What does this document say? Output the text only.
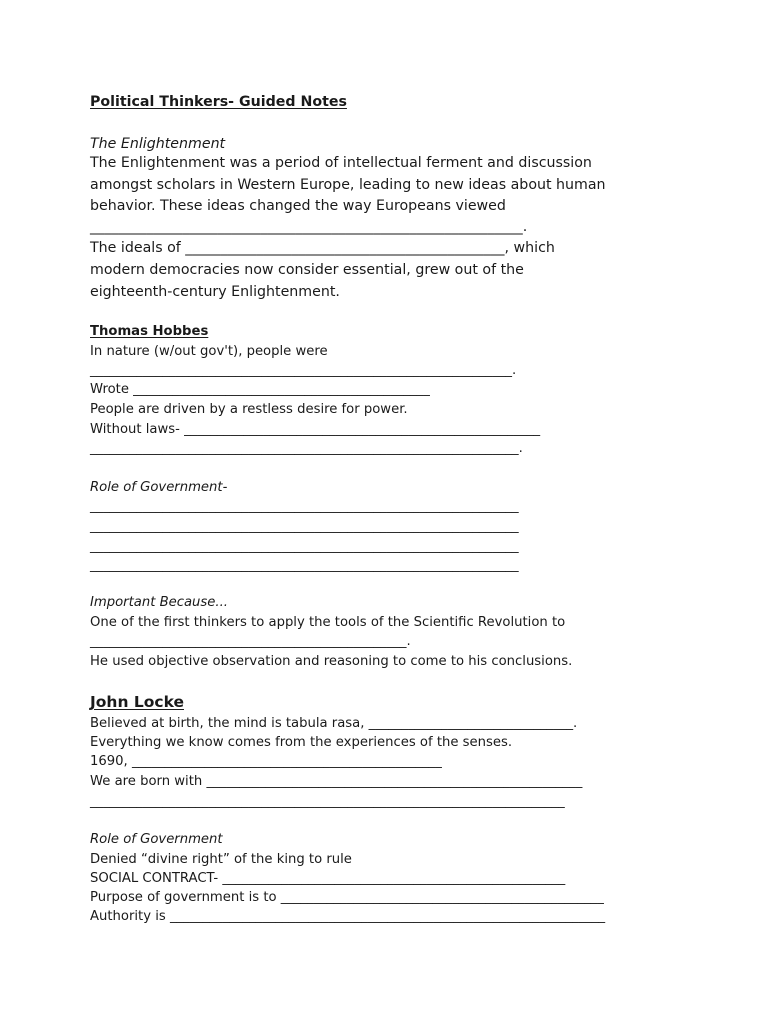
Political Thinkers- Guided Notes
The Enlightenment
The Enlightenment was a period of intellectual ferment and discussion
amongst scholars in Western Europe, leading to new ideas about human
behavior. These ideas changed the way Europeans viewed
_____________________________________________________________.
The ideals of _____________________________________________, which
modern democracies now consider essential, grew out of the
eighteenth-century Enlightenment.
Thomas Hobbes
In nature (w/out gov't), people were
________________________________________________________________.
Wrote _____________________________________________
People are driven by a restless desire for power.
Without laws- ______________________________________________________
_________________________________________________________________.
Role of Government-
_________________________________________________________________
_________________________________________________________________
_________________________________________________________________
_________________________________________________________________
Important Because...
One of the first thinkers to apply the tools of the Scientific Revolution to
________________________________________________.
He used objective observation and reasoning to come to his conclusions.
John Locke
Believed at birth, the mind is tabula rasa, _______________________________.
Everything we know comes from the experiences of the senses.
1690, _______________________________________________
We are born with _________________________________________________________
________________________________________________________________________
Role of Government
Denied “divine right” of the king to rule
SOCIAL CONTRACT- ____________________________________________________
Purpose of government is to _________________________________________________
Authority is __________________________________________________________________
